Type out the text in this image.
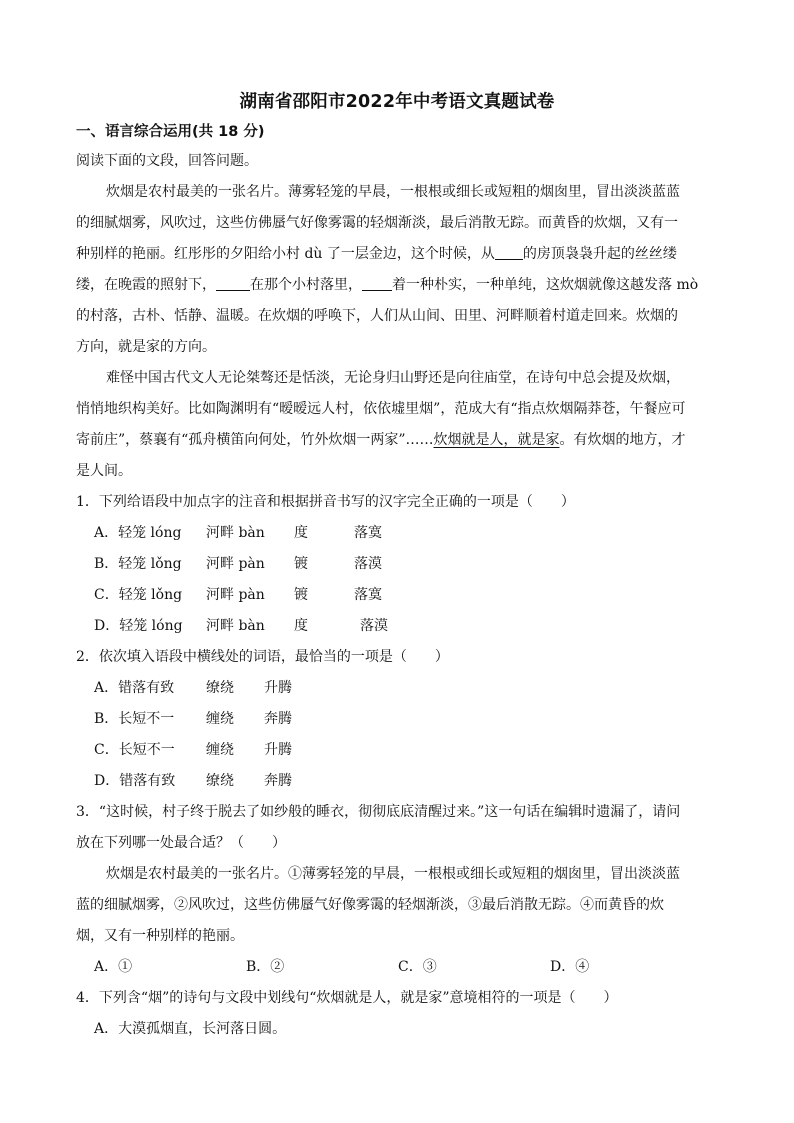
湖南省邵阳市2022年中考语文真题试卷
一、语言综合运用(共 18 分)
阅读下面的文段，回答问题。
炊烟是农村最美的一张名片。薄雾轻笼的早晨，一根根或细长或短粗的烟囱里，冒出淡淡蓝蓝
的细腻烟雾，风吹过，这些仿佛蜃气好像雾霭的轻烟渐淡，最后消散无踪。而黄昏的炊烟，又有一
种别样的艳丽。红彤彤的夕阳给小村 dù 了一层金边，这个时候，从 的房顶袅袅升起的丝丝缕
缕，在晚霞的照射下， 在那个小村落里， 着一种朴实，一种单纯，这炊烟就像这越发落 mò
的村落，古朴、恬静、温暖。在炊烟的呼唤下，人们从山间、田里、河畔顺着村道走回来。炊烟的
方向，就是家的方向。
难怪中国古代文人无论桀骜还是恬淡，无论身归山野还是向往庙堂，在诗句中总会提及炊烟，
悄悄地织构美好。比如陶渊明有“暧暧远人村，依依墟里烟”，范成大有“指点炊烟隔莽苍，午餐应可
寄前庄”，蔡襄有“孤舟横笛向何处，竹外炊烟一两家”……炊烟就是人，就是家。有炊烟的地方，才
是人间。
1．下列给语段中加点字的注音和根据拼音书写的汉字完全正确的一项是（　　）
A．轻笼 lóng 河畔 bàn 度	落寞
B．轻笼 lǒng 河畔 pàn 镀	落漠
C．轻笼 lǒng 河畔 pàn 镀	落寞
D．轻笼 lóng 河畔 bàn 度	落漠
2．依次填入语段中横线处的词语，最恰当的一项是（　　）
A．错落有致 缭绕 升腾
B．长短不一 缠绕 奔腾
C．长短不一 缠绕 升腾
D．错落有致 缭绕 奔腾
3．“这时候，村子终于脱去了如纱般的睡衣，彻彻底底清醒过来。”这一句话在编辑时遗漏了，请问
放在下列哪一处最合适？（　　）
炊烟是农村最美的一张名片。①薄雾轻笼的早晨，一根根或细长或短粗的烟囱里，冒出淡淡蓝
蓝的细腻烟雾，②风吹过，这些仿佛蜃气好像雾霭的轻烟渐淡，③最后消散无踪。④而黄昏的炊
烟，又有一种别样的艳丽。
A．①	B．②	C．③	D．④
4．下列含“烟”的诗句与文段中划线句“炊烟就是人，就是家”意境相符的一项是（　　）
A．大漠孤烟直，长河落日圆。
